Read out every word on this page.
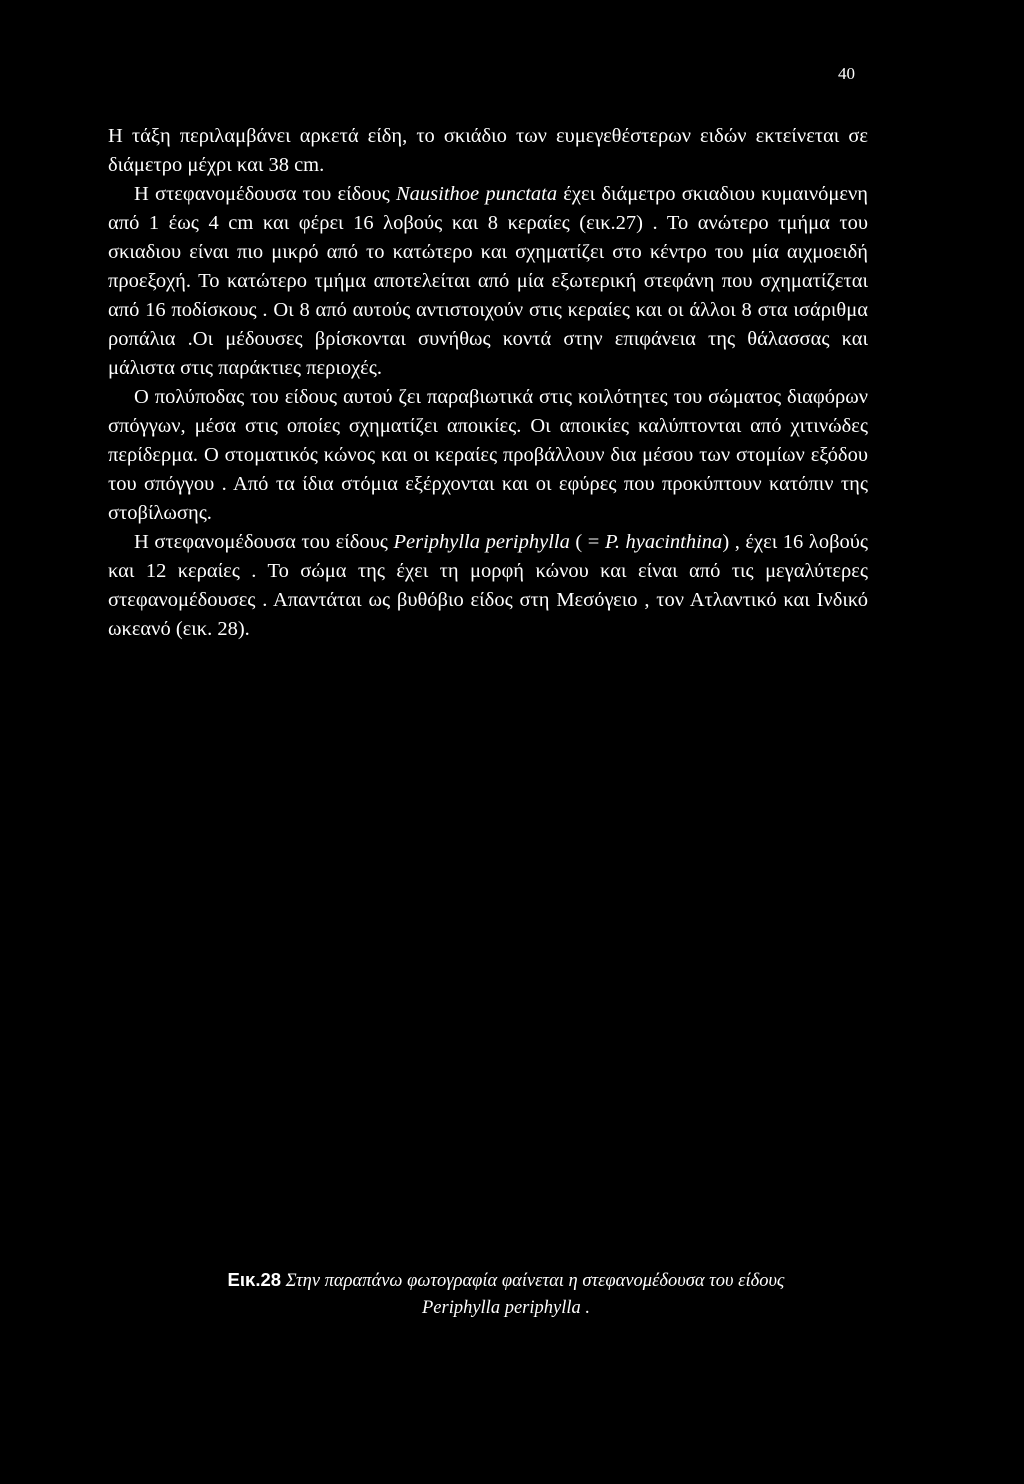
40

Η τάξη περιλαμβάνει αρκετά είδη, το σκιάδιο των ευμεγεθέστερων ειδών εκτείνεται σε διάμετρο μέχρι και 38 cm.

Η στεφανομέδουσα του είδους Nausithoe punctata έχει διάμετρο σκιαδιου κυμαινόμενη από 1 έως 4 cm και φέρει 16 λοβούς και 8 κεραίες (εικ.27) . Το ανώτερο τμήμα του σκιαδιου είναι πιο μικρό από το κατώτερο και σχηματίζει στο κέντρο του μία αιχμοειδή προεξοχή. Το κατώτερο τμήμα αποτελείται από μία εξωτερική στεφάνη που σχηματίζεται από 16 ποδίσκους . Οι 8 από αυτούς αντιστοιχούν στις κεραίες και οι άλλοι 8 στα ισάριθμα ροπάλια .Οι μέδουσες βρίσκονται συνήθως κοντά στην επιφάνεια της θάλασσας και μάλιστα στις παράκτιες περιοχές.

Ο πολύποδας του είδους αυτού ζει παραβιωτικά στις κοιλότητες του σώματος διαφόρων σπόγγων, μέσα στις οποίες σχηματίζει αποικίες. Οι αποικίες καλύπτονται από χιτινώδες περίδερμα. Ο στοματικός κώνος και οι κεραίες προβάλλουν δια μέσου των στομίων εξόδου του σπόγγου . Από τα ίδια στόμια εξέρχονται και οι εφύρες που προκύπτουν κατόπιν της στοβίλωσης.

Η στεφανομέδουσα του είδους Periphylla periphylla ( = P. hyacinthina) , έχει 16 λοβούς και 12 κεραίες . Το σώμα της έχει τη μορφή κώνου και είναι από τις μεγαλύτερες στεφανομέδουσες . Απαντάται ως βυθόβιο είδος στη Μεσόγειο , τον Ατλαντικό και Ινδικό ωκεανό (εικ. 28).

Εικ.28 Στην παραπάνω φωτογραφία φαίνεται η στεφανομέδουσα του είδους
Periphylla periphylla .
